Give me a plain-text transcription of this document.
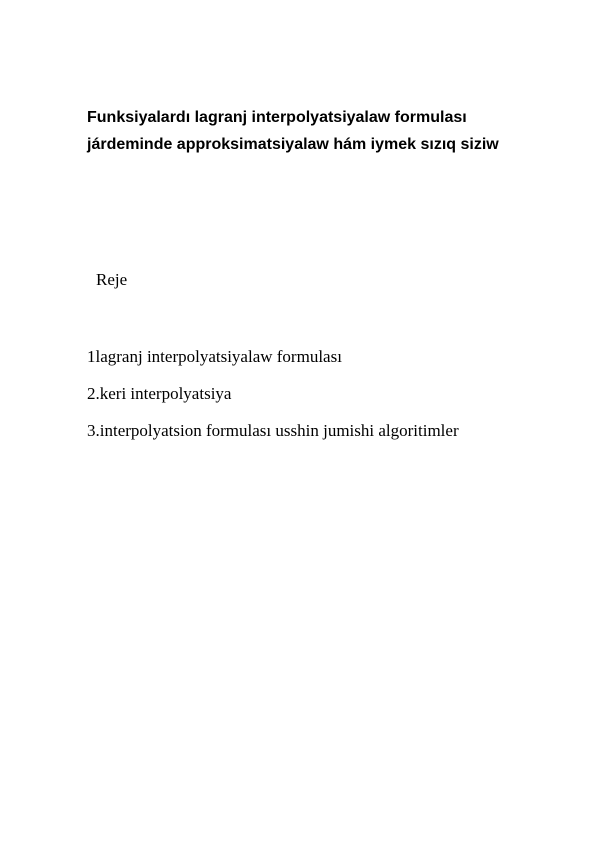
Funksiyalardı lagranj interpolyatsiyalaw formulası
járdeminde approksimatsiyalaw hám iymek sızıq siziw

Reje

1lagranj interpolyatsiyalaw formulası
2.keri interpolyatsiya
3.interpolyatsion formulası usshin jumishi algoritimler
